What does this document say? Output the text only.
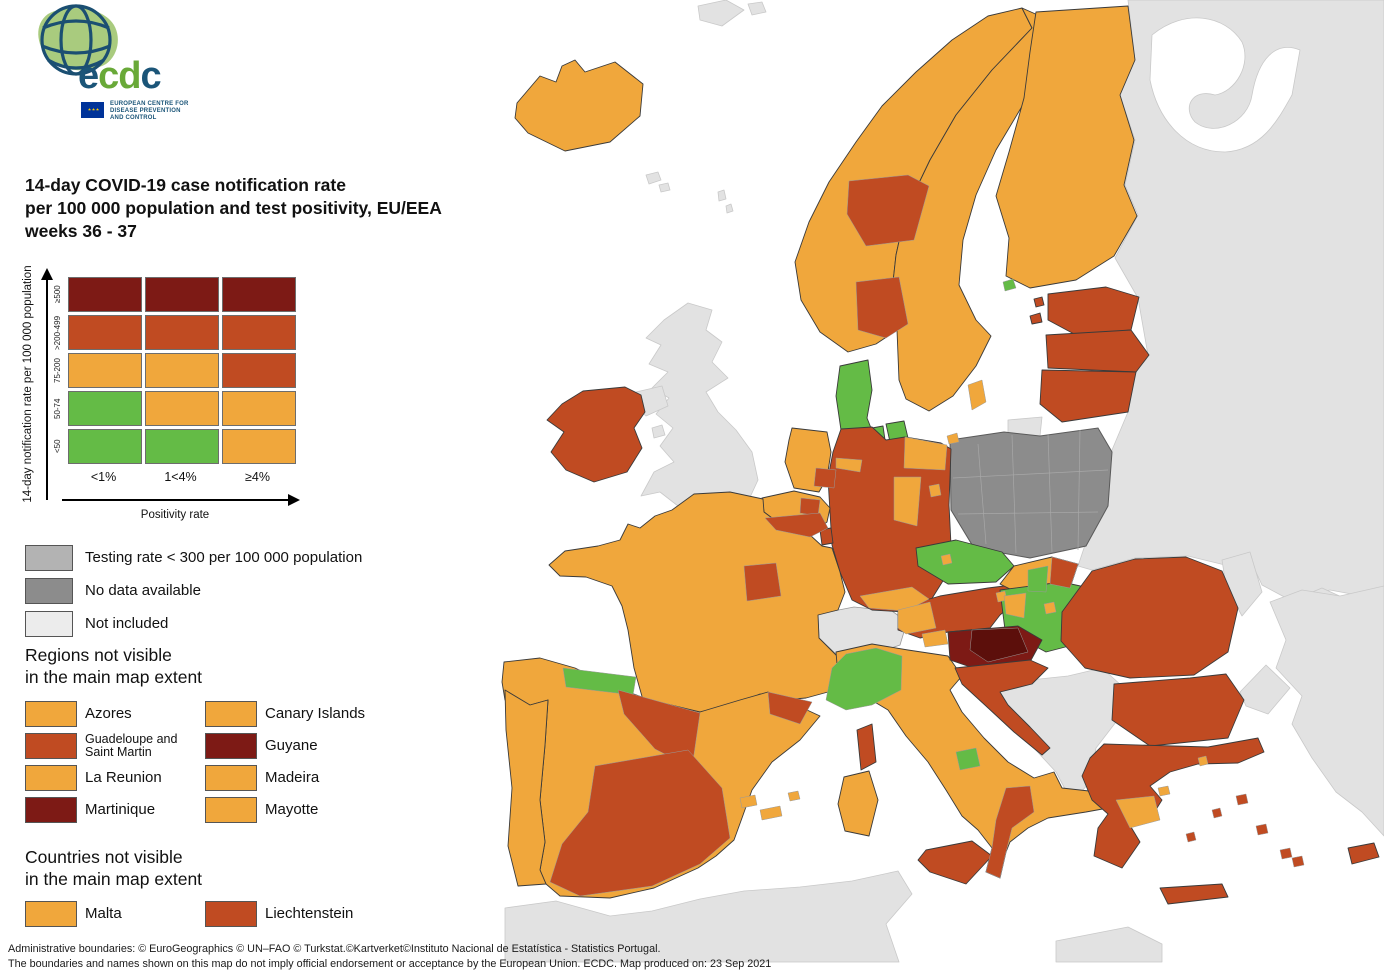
ecdc
⋆⋆⋆
EUROPEAN CENTRE FOR
DISEASE PREVENTION
AND CONTROL
14-day COVID-19 case notification rate
per 100 000 population and test positivity, EU/EEA
weeks 36 - 37
14-day notification rate per 100 000 population ≥500
>200-499
75-200
50-74
<50
<1%	1<4%	≥4%
Positivity rate
Testing rate < 300 per 100 000 population
No data available
Not included
Regions not visible
in the main map extent
Azores	Canary Islands
Guadeloupe and Saint Martin	Guyane
La Reunion	Madeira
Martinique	Mayotte
Countries not visible
in the main map extent
Malta	Liechtenstein
Administrative boundaries: © EuroGeographics © UN–FAO © Turkstat.©Kartverket©Instituto Nacional de Estatística - Statistics Portugal.
The boundaries and names shown on this map do not imply official endorsement or acceptance by the European Union. ECDC. Map produced on: 23 Sep 2021
